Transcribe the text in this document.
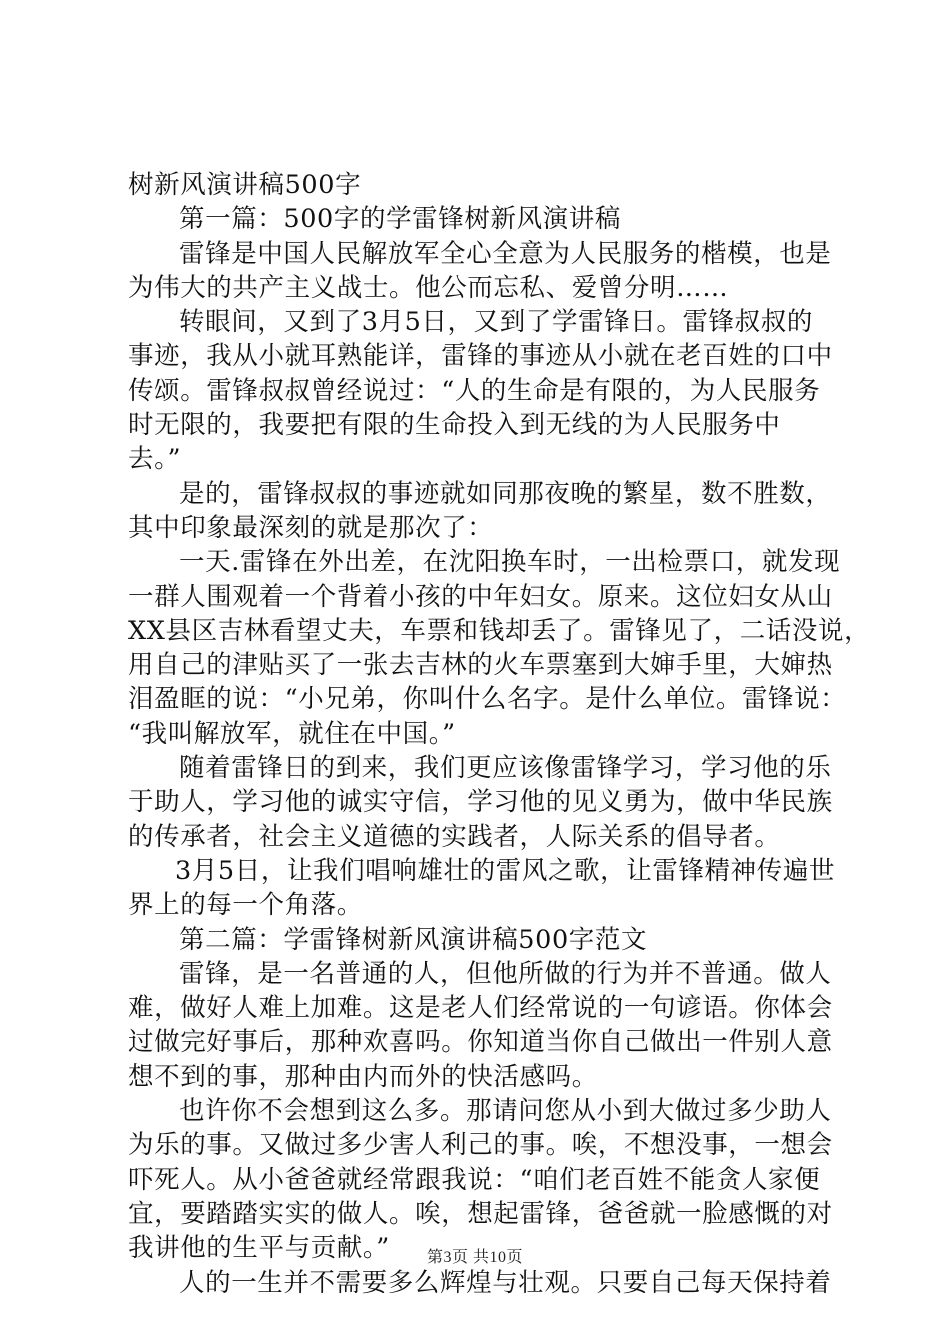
树新风演讲稿500字
第一篇：500字的学雷锋树新风演讲稿
雷锋是中国人民解放军全心全意为人民服务的楷模，也是
为伟大的共产主义战士。他公而忘私、爱曾分明……
转眼间，又到了3月5日，又到了学雷锋日。雷锋叔叔的
事迹，我从小就耳熟能详，雷锋的事迹从小就在老百姓的口中
传颂。雷锋叔叔曾经说过：“人的生命是有限的，为人民服务
时无限的，我要把有限的生命投入到无线的为人民服务中
去。”
是的，雷锋叔叔的事迹就如同那夜晚的繁星，数不胜数，
其中印象最深刻的就是那次了：
一天.雷锋在外出差，在沈阳换车时，一出检票口，就发现
一群人围观着一个背着小孩的中年妇女。原来。这位妇女从山
XX县区吉林看望丈夫，车票和钱却丢了。雷锋见了，二话没说，
用自己的津贴买了一张去吉林的火车票塞到大婶手里，大婶热
泪盈眶的说：“小兄弟，你叫什么名字。是什么单位。雷锋说：
“我叫解放军，就住在中国。”
随着雷锋日的到来，我们更应该像雷锋学习，学习他的乐
于助人，学习他的诚实守信，学习他的见义勇为，做中华民族
的传承者，社会主义道德的实践者，人际关系的倡导者。
3月5日，让我们唱响雄壮的雷风之歌，让雷锋精神传遍世
界上的每一个角落。
第二篇：学雷锋树新风演讲稿500字范文
雷锋，是一名普通的人，但他所做的行为并不普通。做人
难，做好人难上加难。这是老人们经常说的一句谚语。你体会
过做完好事后，那种欢喜吗。你知道当你自己做出一件别人意
想不到的事，那种由内而外的快活感吗。
也许你不会想到这么多。那请问您从小到大做过多少助人
为乐的事。又做过多少害人利己的事。唉，不想没事，一想会
吓死人。从小爸爸就经常跟我说：“咱们老百姓不能贪人家便
宜，要踏踏实实的做人。唉，想起雷锋，爸爸就一脸感慨的对
我讲他的生平与贡献。”
人的一生并不需要多么辉煌与壮观。只要自己每天保持着
第3页 共10页
